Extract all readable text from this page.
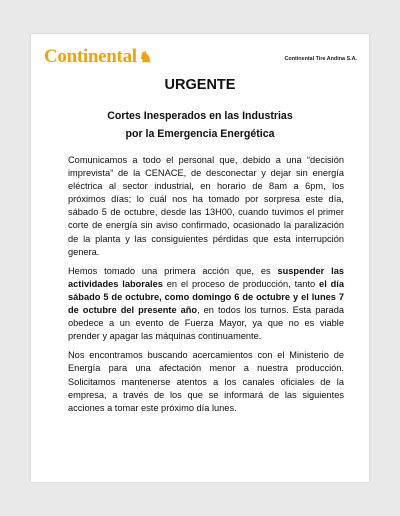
Continental ♞	Continental Tire Andina S.A.
URGENTE
Cortes Inesperados en las Industrias
por la Emergencia Energética

Comunicamos a todo el personal que, debido a una “decisión imprevista” de la CENACE, de desconectar y dejar sin energía eléctrica al sector industrial, en horario de 8am a 6pm, los próximos días; lo cuál nos ha tomado por sorpresa este día, sábado 5 de octubre, desde las 13H00, cuando tuvimos el primer corte de energía sin aviso confirmado, ocasionado la paralización de la planta y las consiguientes pérdidas que esta interrupción genera.

Hemos tomado una primera acción que, es suspender las actividades laborales en el proceso de producción, tanto el día sábado 5 de octubre, como domingo 6 de octubre y el lunes 7 de octubre del presente año, en todos los turnos. Esta parada obedece a un evento de Fuerza Mayor, ya que no es viable prender y apagar las máquinas continuamente.

Nos encontramos buscando acercamientos con el Ministerio de Energía para una afectación menor a nuestra producción. Solicitamos mantenerse atentos a los canales oficiales de la empresa, a través de los que se informará de las siguientes acciones a tomar este próximo día lunes.
